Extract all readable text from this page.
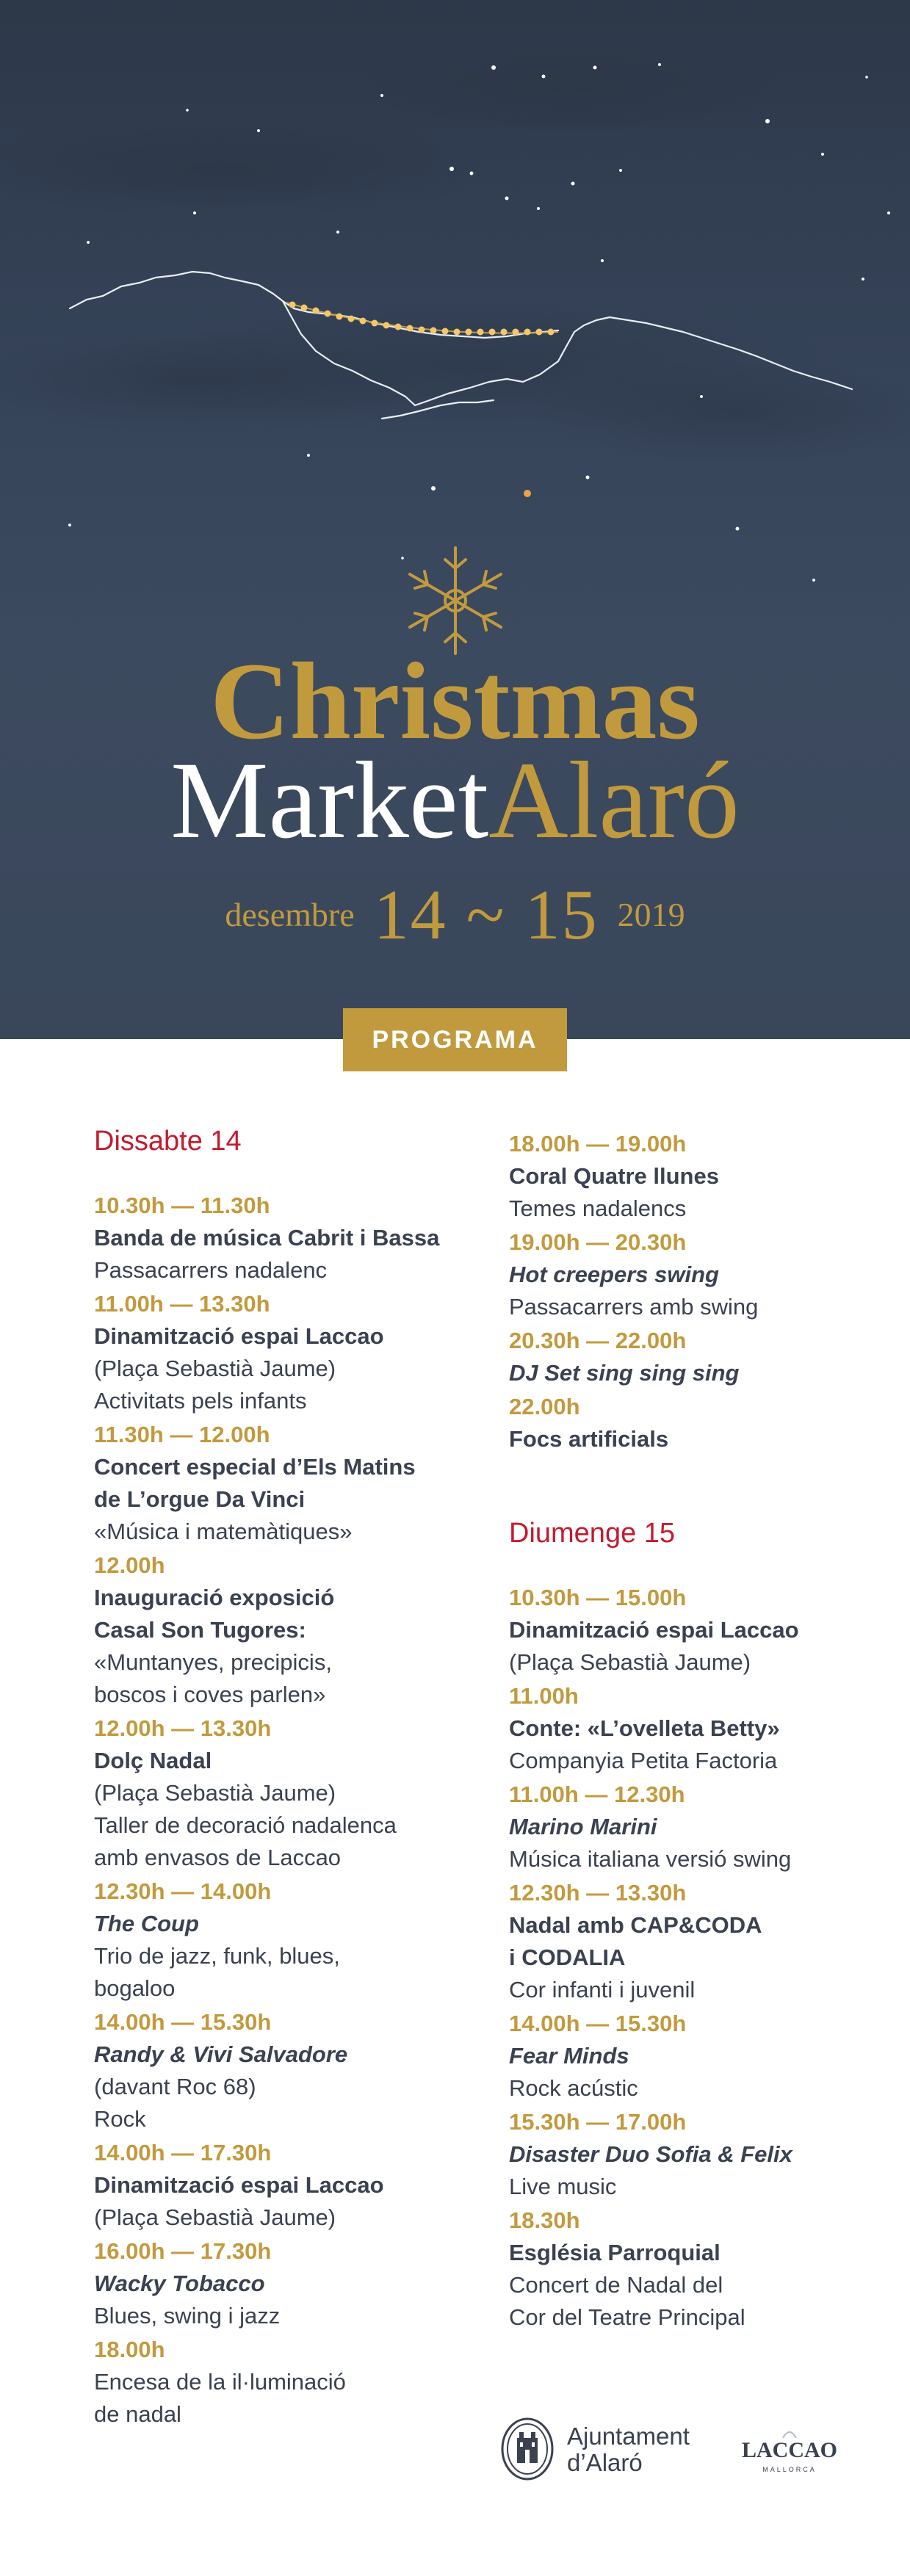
Christmas
MarketAlaró
desembre 14 ~ 15 2019
PROGRAMA
Dissabte 14
10.30h — 11.30h
Banda de música Cabrit i Bassa
Passacarrers nadalenc
11.00h — 13.30h
Dinamització espai Laccao
(Plaça Sebastià Jaume)
Activitats pels infants
11.30h — 12.00h
Concert especial d’Els Matins
de L’orgue Da Vinci
«Música i matemàtiques»
12.00h
Inauguració exposició
Casal Son Tugores:
«Muntanyes, precipicis,
boscos i coves parlen»
12.00h — 13.30h
Dolç Nadal
(Plaça Sebastià Jaume)
Taller de decoració nadalenca
amb envasos de Laccao
12.30h — 14.00h
The Coup
Trio de jazz, funk, blues,
bogaloo
14.00h — 15.30h
Randy & Vivi Salvadore
(davant Roc 68)
Rock
14.00h — 17.30h
Dinamització espai Laccao
(Plaça Sebastià Jaume)
16.00h — 17.30h
Wacky Tobacco
Blues, swing i jazz
18.00h
Encesa de la il·luminació
de nadal
18.00h — 19.00h
Coral Quatre llunes
Temes nadalencs
19.00h — 20.30h
Hot creepers swing
Passacarrers amb swing
20.30h — 22.00h
DJ Set sing sing sing
22.00h
Focs artificials
Diumenge 15
10.30h — 15.00h
Dinamització espai Laccao
(Plaça Sebastià Jaume)
11.00h
Conte: «L’ovelleta Betty»
Companyia Petita Factoria
11.00h — 12.30h
Marino Marini
Música italiana versió swing
12.30h — 13.30h
Nadal amb CAP&CODA
i CODALIA
Cor infanti i juvenil
14.00h — 15.30h
Fear Minds
Rock acústic
15.30h — 17.00h
Disaster Duo Sofia & Felix
Live music
18.30h
Església Parroquial
Concert de Nadal del
Cor del Teatre Principal
Ajuntament
d’Alaró	LACCAO
MALLORCA
